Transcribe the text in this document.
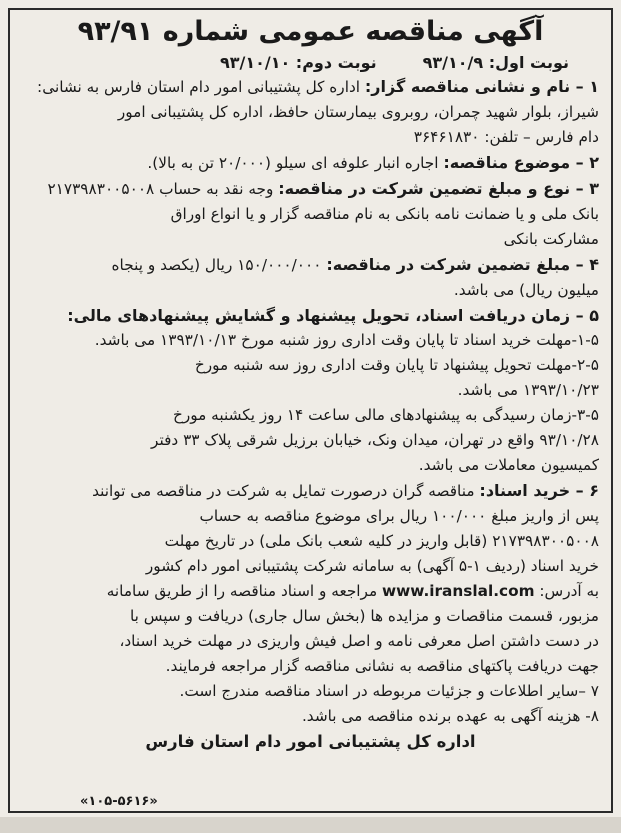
آگهی مناقصه عمومی شماره ۹۳/۹۱
نوبت اول: ۹۳/۱۰/۹
نوبت دوم: ۹۳/۱۰/۱۰
۱ – نام و نشانی مناقصه گزار: اداره کل پشتیبانی امور دام استان فارس به نشانی:
شیراز، بلوار شهید چمران، روبروی بیمارستان حافظ، اداره کل پشتیبانی امور
دام فارس – تلفن: ۳۶۴۶۱۸۳۰
۲ – موضوع مناقصه: اجاره انبار علوفه ای سیلو (۲۰/۰۰۰ تن به بالا).
۳ – نوع و مبلغ تضمین شرکت در مناقصه: وجه نقد به حساب ۲۱۷۳۹۸۳۰۰۵۰۰۸
بانک ملی و یا ضمانت نامه بانکی به نام مناقصه گزار و یا انواع اوراق
مشارکت بانکی
۴ – مبلغ تضمین شرکت در مناقصه: ۱۵۰/۰۰۰/۰۰۰ ریال (یکصد و پنجاه
میلیون ریال) می باشد.
۵ – زمان دریافت اسناد، تحویل پیشنهاد و گشایش پیشنهادهای مالی:
۱-۵-مهلت خرید اسناد تا پایان وقت اداری روز شنبه مورخ ۱۳۹۳/۱۰/۱۳ می باشد.
۲-۵-مهلت تحویل پیشنهاد تا پایان وقت اداری روز سه شنبه مورخ
۱۳۹۳/۱۰/۲۳ می باشد.
۳-۵-زمان رسیدگی به پیشنهادهای مالی ساعت ۱۴ روز یکشنبه مورخ
۹۳/۱۰/۲۸ واقع در تهران، میدان ونک، خیابان برزیل شرقی پلاک ۳۳ دفتر
کمیسیون معاملات می باشد.
۶ – خرید اسناد: مناقصه گران درصورت تمایل به شرکت در مناقصه می توانند
پس از واریز مبلغ ۱۰۰/۰۰۰ ریال برای موضوع مناقصه به حساب
۲۱۷۳۹۸۳۰۰۵۰۰۸ (قابل واریز در کلیه شعب بانک ملی) در تاریخ مهلت
خرید اسناد (ردیف ۱-۵ آگهی) به سامانه شرکت پشتیبانی امور دام کشور
به آدرس: www.iranslal.com مراجعه و اسناد مناقصه را از طریق سامانه
مزبور، قسمت مناقصات و مزایده ها (بخش سال جاری) دریافت و سپس با
در دست داشتن اصل معرفی نامه و اصل فیش واریزی در مهلت خرید اسناد،
جهت دریافت پاکتهای مناقصه به نشانی مناقصه گزار مراجعه فرمایند.
۷ –سایر اطلاعات و جزئیات مربوطه در اسناد مناقصه مندرج است.
۸- هزینه آگهی به عهده برنده مناقصه می باشد.
اداره کل پشتیبانی امور دام استان فارس
«۱۰۵-۵۶۱۶»
